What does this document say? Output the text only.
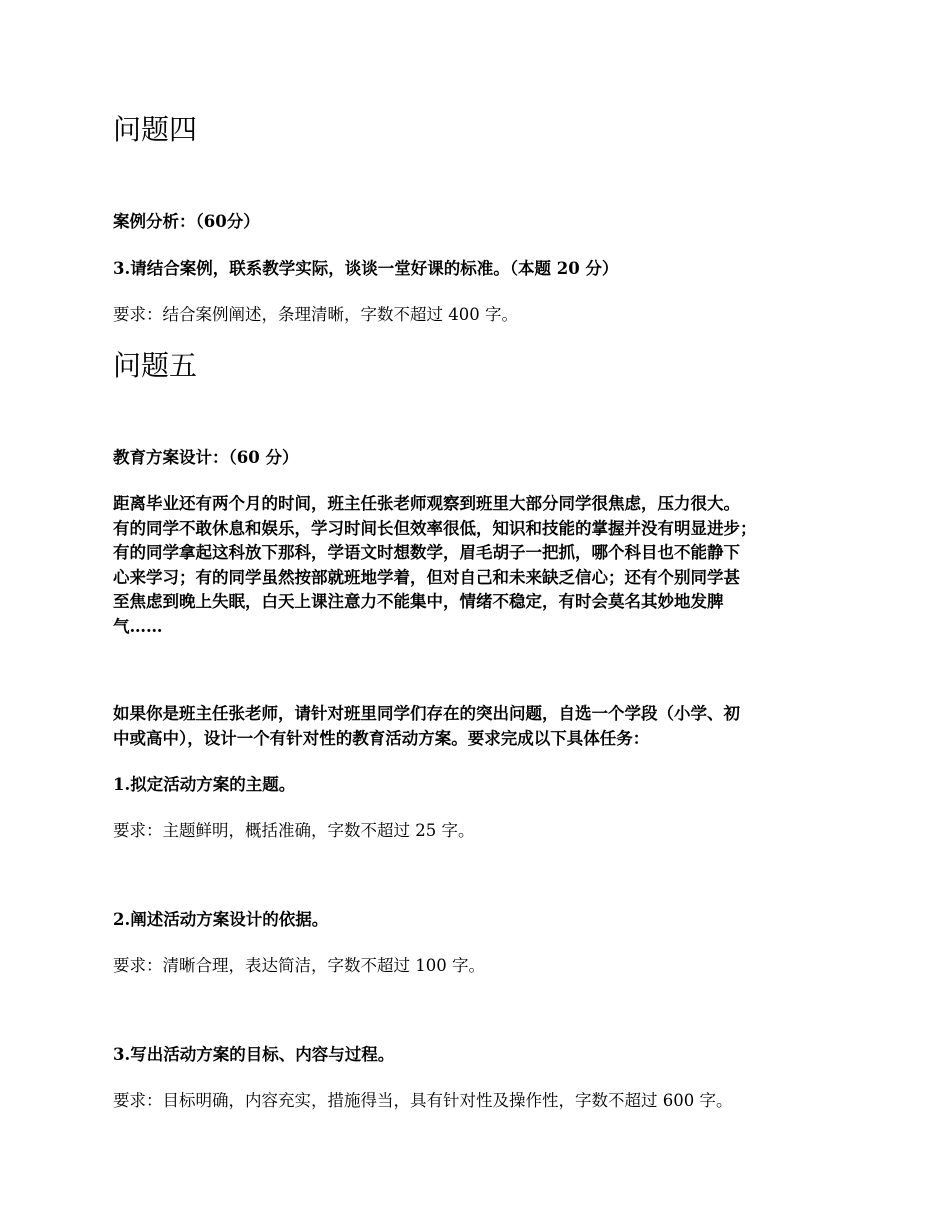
问题四

案例分析：（60分）

3.请结合案例，联系教学实际，谈谈一堂好课的标准。（本题 20 分）

要求：结合案例阐述，条理清晰，字数不超过 400 字。

问题五

教育方案设计：（60 分）

距离毕业还有两个月的时间，班主任张老师观察到班里大部分同学很焦虑，压力很大。
有的同学不敢休息和娱乐，学习时间长但效率很低，知识和技能的掌握并没有明显进步；
有的同学拿起这科放下那科，学语文时想数学，眉毛胡子一把抓，哪个科目也不能静下
心来学习；有的同学虽然按部就班地学着，但对自己和未来缺乏信心；还有个别同学甚
至焦虑到晚上失眠，白天上课注意力不能集中，情绪不稳定，有时会莫名其妙地发脾
气……
如果你是班主任张老师，请针对班里同学们存在的突出问题，自选一个学段（小学、初
中或高中），设计一个有针对性的教育活动方案。要求完成以下具体任务：

1.拟定活动方案的主题。

要求：主题鲜明，概括准确，字数不超过 25 字。

2.阐述活动方案设计的依据。

要求：清晰合理，表达简洁，字数不超过 100 字。

3.写出活动方案的目标、内容与过程。

要求：目标明确，内容充实，措施得当，具有针对性及操作性，字数不超过 600 字。
